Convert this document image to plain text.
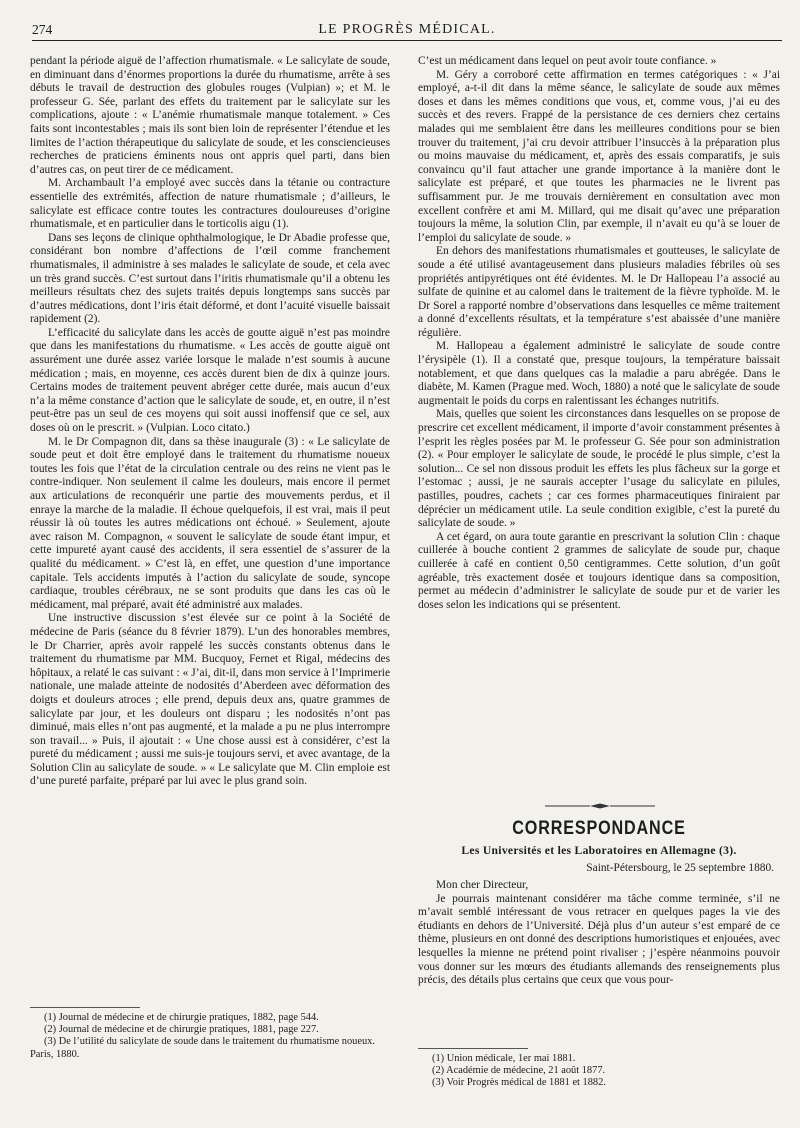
274	LE PROGRÈS MÉDICAL.

pendant la période aiguë de l’affection rhumatismale. « Le salicylate de soude, en diminuant dans d’énormes proportions la durée du rhumatisme, arrête à ses débuts le travail de destruction des globules rouges (Vulpian) »; et M. le professeur G. Sée, parlant des effets du traitement par le salicylate sur les complications, ajoute : « L’anémie rhumatismale manque totalement. » Ces faits sont incontestables ; mais ils sont bien loin de représenter l’étendue et les limites de l’action thérapeutique du salicylate de soude, et les consciencieuses recherches de praticiens éminents nous ont appris quel parti, dans bien d’autres cas, on peut tirer de ce médicament.

M. Archambault l’a employé avec succès dans la tétanie ou contracture essentielle des extrémités, affection de nature rhumatismale ; d’ailleurs, le salicylate est efficace contre toutes les contractures douloureuses d’origine rhumatismale, et en particulier dans le torticolis aigu (1).

Dans ses leçons de clinique ophthalmologique, le Dr Abadie professe que, considérant bon nombre d’affections de l’œil comme franchement rhumatismales, il administre à ses malades le salicylate de soude, et cela avec un très grand succès. C’est surtout dans l’iritis rhumatismale qu’il a obtenu les meilleurs résultats chez des sujets traités depuis longtemps sans succès par d’autres médications, dont l’iris était déformé, et dont l’acuité visuelle baissait rapidement (2).

L’efficacité du salicylate dans les accès de goutte aiguë n’est pas moindre que dans les manifestations du rhumatisme. « Les accès de goutte aiguë ont assurément une durée assez variée lorsque le malade n’est soumis à aucune médication ; mais, en moyenne, ces accès durent bien de dix à quinze jours. Certains modes de traitement peuvent abréger cette durée, mais aucun d’eux n’a la même constance d’action que le salicylate de soude, et, en outre, il n’est peut-être pas un seul de ces moyens qui soit aussi inoffensif que ce sel, aux doses où on le prescrit. » (Vulpian. Loco citato.)

M. le Dr Compagnon dit, dans sa thèse inaugurale (3) : « Le salicylate de soude peut et doit être employé dans le traitement du rhumatisme noueux toutes les fois que l’état de la circulation centrale ou des reins ne vient pas le contre-indiquer. Non seulement il calme les douleurs, mais encore il permet aux articulations de reconquérir une partie des mouvements perdus, et il enraye la marche de la maladie. Il échoue quelquefois, il est vrai, mais il peut réussir là où toutes les autres médications ont échoué. » Seulement, ajoute avec raison M. Compagnon, « souvent le salicylate de soude étant impur, et cette impureté ayant causé des accidents, il sera essentiel de s’assurer de la qualité du médicament. » C’est là, en effet, une question d’une importance capitale. Tels accidents imputés à l’action du salicylate de soude, syncope cardiaque, troubles cérébraux, ne se sont produits que dans les cas où le médicament, mal préparé, avait été administré aux malades.

Une instructive discussion s’est élevée sur ce point à la Société de médecine de Paris (séance du 8 février 1879). L’un des honorables membres, le Dr Charrier, après avoir rappelé les succès constants obtenus dans le traitement du rhumatisme par MM. Bucquoy, Fernet et Rigal, médecins des hôpitaux, a relaté le cas suivant : « J’ai, dit-il, dans mon service à l’Imprimerie nationale, une malade atteinte de nodosités d’Aberdeen avec déformation des doigts et douleurs atroces ; elle prend, depuis deux ans, quatre grammes de salicylate par jour, et les douleurs ont disparu ; les nodosités n’ont pas diminué, mais elles n’ont pas augmenté, et la malade a pu ne plus interrompre son travail... » Puis, il ajoutait : « Une chose aussi est à considérer, c’est la pureté du médicament ; aussi me suis-je toujours servi, et avec avantage, de la Solution Clin au salicylate de soude. » « Le salicylate que M. Clin emploie est d’une pureté parfaite, préparé par lui avec le plus grand soin.

(1) Journal de médecine et de chirurgie pratiques, 1882, page 544.

(2) Journal de médecine et de chirurgie pratiques, 1881, page 227.

(3) De l’utilité du salicylate de soude dans le traitement du rhumatisme noueux. Paris, 1880.

C’est un médicament dans lequel on peut avoir toute confiance. »

M. Géry a corroboré cette affirmation en termes catégoriques : « J’ai employé, a-t-il dit dans la même séance, le salicylate de soude aux mêmes doses et dans les mêmes conditions que vous, et, comme vous, j’ai eu des succès et des revers. Frappé de la persistance de ces derniers chez certains malades qui me semblaient être dans les meilleures conditions pour se bien trouver du traitement, j’ai cru devoir attribuer l’insuccès à la préparation plus ou moins mauvaise du médicament, et, après des essais comparatifs, je suis convaincu qu’il faut attacher une grande importance à la manière dont le salicylate est préparé, et que toutes les pharmacies ne le livrent pas suffisamment pur. Je me trouvais dernièrement en consultation avec mon excellent confrère et ami M. Millard, qui me disait qu’avec une préparation toujours la même, la solution Clin, par exemple, il n’avait eu qu’à se louer de l’emploi du salicylate de soude. »

En dehors des manifestations rhumatismales et goutteuses, le salicylate de soude a été utilisé avantageusement dans plusieurs maladies fébriles où ses propriétés antipyrétiques ont été évidentes. M. le Dr Hallopeau l’a associé au sulfate de quinine et au calomel dans le traitement de la fièvre typhoïde. M. le Dr Sorel a rapporté nombre d’observations dans lesquelles ce même traitement a donné d’excellents résultats, et la température s’est abaissée d’une manière régulière.

M. Hallopeau a également administré le salicylate de soude contre l’érysipèle (1). Il a constaté que, presque toujours, la température baissait notablement, et que dans quelques cas la maladie a paru abrégée. Dans le diabète, M. Kamen (Prague med. Woch, 1880) a noté que le salicylate de soude augmentait le poids du corps en ralentissant les échanges nutritifs.

Mais, quelles que soient les circonstances dans lesquelles on se propose de prescrire cet excellent médicament, il importe d’avoir constamment présentes à l’esprit les règles posées par M. le professeur G. Sée pour son administration (2). « Pour employer le salicylate de soude, le procédé le plus simple, c’est la solution... Ce sel non dissous produit les effets les plus fâcheux sur la gorge et l’estomac ; aussi, je ne saurais accepter l’usage du salicylate en pilules, pastilles, poudres, cachets ; car ces formes pharmaceutiques finiraient par déprécier un médicament utile. La seule condition exigible, c’est la pureté du salicylate de soude. »

A cet égard, on aura toute garantie en prescrivant la solution Clin : chaque cuillerée à bouche contient 2 grammes de salicylate de soude pur, chaque cuillerée à café en contient 0,50 centigrammes. Cette solution, d’un goût agréable, très exactement dosée et toujours identique dans sa composition, permet au médecin d’administrer le salicylate de soude pur et de varier les doses selon les indications qui se présentent.

CORRESPONDANCE
Les Universités et les Laboratoires en Allemagne (3).
Saint-Pétersbourg, le 25 septembre 1880.

Mon cher Directeur,

Je pourrais maintenant considérer ma tâche comme terminée, s’il ne m’avait semblé intéressant de vous retracer en quelques pages la vie des étudiants en dehors de l’Université. Déjà plus d’un auteur s’est emparé de ce thème, plusieurs en ont donné des descriptions humoristiques et enjouées, avec lesquelles la mienne ne prétend point rivaliser ; j’espère néanmoins pouvoir vous donner sur les mœurs des étudiants allemands des renseignements plus précis, des détails plus certains que ceux que vous pour-

(1) Union médicale, 1er mai 1881.

(2) Académie de médecine, 21 août 1877.

(3) Voir Progrès médical de 1881 et 1882.
